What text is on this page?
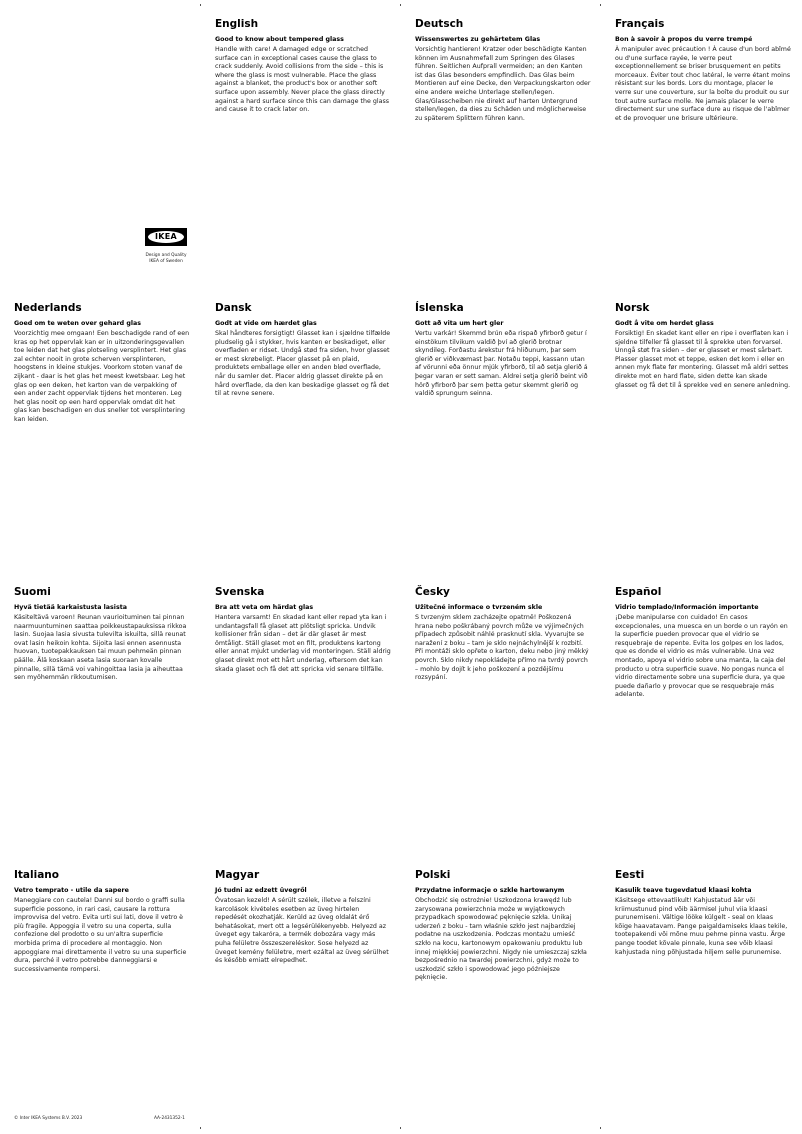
English

Good to know about tempered glass

Handle with care! A damaged edge or scratched surface can in exceptional cases cause the glass to crack suddenly. Avoid collisions from the side – this is where the glass is most vulnerable. Place the glass against a blanket, the product's box or another soft surface upon assembly. Never place the glass directly against a hard surface since this can damage the glass and cause it to crack later on.

Deutsch

Wissenswertes zu gehärtetem Glas

Vorsichtig hantieren! Kratzer oder beschädigte Kanten können im Ausnahmefall zum Springen des Glases führen. Seitlichen Aufprall vermeiden; an den Kanten ist das Glas besonders empfindlich. Das Glas beim Montieren auf eine Decke, den Verpackungskarton oder eine andere weiche Unterlage stellen/legen. Glas/Glasscheiben nie direkt auf harten Untergrund stellen/legen, da dies zu Schäden und möglicherweise zu späterem Splittern führen kann.

Français

Bon à savoir à propos du verre trempé

À manipuler avec précaution ! À cause d'un bord abîmé ou d'une surface rayée, le verre peut exceptionnellement se briser brusquement en petits morceaux. Éviter tout choc latéral, le verre étant moins résistant sur les bords. Lors du montage, placer le verre sur une couverture, sur la boîte du produit ou sur tout autre surface molle. Ne jamais placer le verre directement sur une surface dure au risque de l'abîmer et de provoquer une brisure ultérieure.

IKEA
Design and Quality
IKEA of Sweden
Nederlands

Goed om te weten over gehard glas

Voorzichtig mee omgaan! Een beschadigde rand of een kras op het oppervlak kan er in uitzonderingsgevallen toe leiden dat het glas plotseling versplintert. Het glas zal echter nooit in grote scherven versplinteren, hoogstens in kleine stukjes. Voorkom stoten vanaf de zijkant - daar is het glas het meest kwetsbaar. Leg het glas op een deken, het karton van de verpakking of een ander zacht oppervlak tijdens het monteren. Leg het glas nooit op een hard oppervlak omdat dit het glas kan beschadigen en dus sneller tot versplintering kan leiden.

Dansk

Godt at vide om hærdet glas

Skal håndteres forsigtigt! Glasset kan i sjældne tilfælde pludselig gå i stykker, hvis kanten er beskadiget, eller overfladen er ridset. Undgå stød fra siden, hvor glasset er mest skrøbeligt. Placer glasset på en plaid, produktets emballage eller en anden blød overflade, når du samler det. Placer aldrig glasset direkte på en hård overflade, da den kan beskadige glasset og få det til at revne senere.

Íslenska

Gott að vita um hert gler

Vertu varkár! Skemmd brún eða rispað yfirborð getur í einstökum tilvikum valdið því að glerið brotnar skyndileg. Forðastu árekstur frá hliðunum, þar sem glerið er viðkvæmast þar. Notaðu teppi, kassann utan af vörunni eða önnur mjúk yfirborð, til að setja glerið á þegar varan er sett saman. Aldrei setja glerið beint við hörð yfirborð þar sem þetta getur skemmt glerið og valdið sprungum seinna.

Norsk

Godt å vite om herdet glass

Forsiktig! En skadet kant eller en ripe i overflaten kan i sjeldne tilfeller få glasset til å sprekke uten forvarsel. Unngå støt fra siden – der er glasset er mest sårbart. Plasser glasset mot et teppe, esken det kom i eller en annen myk flate før montering. Glasset må aldri settes direkte mot en hard flate, siden dette kan skade glasset og få det til å sprekke ved en senere anledning.

Suomi

Hyvä tietää karkaistusta lasista

Käsiteltävä varoen! Reunan vaurioituminen tai pinnan naarmuuntuminen saattaa poikkeustapauksissa rikkoa lasin. Suojaa lasia sivusta tulevilta iskuilta, sillä reunat ovat lasin heikoin kohta. Sijoita lasi ennen asennusta huovan, tuotepakkauksen tai muun pehmeän pinnan päälle. Älä koskaan aseta lasia suoraan kovalle pinnalle, sillä tämä voi vahingoittaa lasia ja aiheuttaa sen myöhemmän rikkoutumisen.

Svenska

Bra att veta om härdat glas

Hantera varsamt! En skadad kant eller repad yta kan i undantagsfall få glaset att plötsligt spricka. Undvik kollisioner från sidan – det är där glaset är mest ömtåligt. Ställ glaset mot en filt, produktens kartong eller annat mjukt underlag vid monteringen. Ställ aldrig glaset direkt mot ett hårt underlag, eftersom det kan skada glaset och få det att spricka vid senare tillfälle.

Česky

Užitečné informace o tvrzeném skle

S tvrzeným sklem zacházejte opatrně! Poškozená hrana nebo poškrábaný povrch může ve výjimečných případech způsobit náhlé prasknutí skla. Vyvarujte se naražení z boku – tam je sklo nejnáchylnější k rozbití. Při montáži sklo opřete o karton, deku nebo jiný měkký povrch. Sklo nikdy nepokládejte přímo na tvrdý povrch – mohlo by dojít k jeho poškození a pozdějšímu rozsypání.

Español

Vidrio templado/Información importante

¡Debe manipularse con cuidado! En casos excepcionales, una muesca en un borde o un rayón en la superficie pueden provocar que el vidrio se resquebraje de repente. Evita los golpes en los lados, que es donde el vidrio es más vulnerable. Una vez montado, apoya el vidrio sobre una manta, la caja del producto u otra superficie suave. No pongas nunca el vidrio directamente sobre una superficie dura, ya que puede dañarlo y provocar que se resquebraje más adelante.

Italiano

Vetro temprato - utile da sapere

Maneggiare con cautela! Danni sul bordo o graffi sulla superficie possono, in rari casi, causare la rottura improvvisa del vetro. Evita urti sui lati, dove il vetro è più fragile. Appoggia il vetro su una coperta, sulla confezione del prodotto o su un'altra superficie morbida prima di procedere al montaggio. Non appoggiare mai direttamente il vetro su una superficie dura, perché il vetro potrebbe danneggiarsi e successivamente rompersi.

Magyar

Jó tudni az edzett üvegről

Óvatosan kezeld! A sérült szélek, illetve a felszíni karcolások kivételes esetben az üveg hirtelen repedését okozhatják. Kerüld az üveg oldalát érő behatásokat, mert ott a legsérülékenyebb. Helyezd az üveget egy takaróra, a termék dobozára vagy más puha felületre összeszereléskor. Sose helyezd az üveget kemény felületre, mert ezáltal az üveg sérülhet és később emiatt elrepedhet.

Polski

Przydatne informacje o szkle hartowanym

Obchodzić się ostrożnie! Uszkodzona krawędź lub zarysowana powierzchnia może w wyjątkowych przypadkach spowodować pęknięcie szkła. Unikaj uderzeń z boku - tam właśnie szkło jest najbardziej podatne na uszkodzenia. Podczas montażu umieść szkło na kocu, kartonowym opakowaniu produktu lub innej miękkiej powierzchni. Nigdy nie umieszczaj szkła bezpośrednio na twardej powierzchni, gdyż może to uszkodzić szkło i spowodować jego późniejsze pęknięcie.

Eesti

Kasulik teave tugevdatud klaasi kohta

Käsitsege ettevaatlikult! Kahjustatud äär või kriimustunud pind võib äärmisel juhul viia klaasi purunemiseni. Vältige lööke külgelt - seal on klaas kõige haavatavam. Pange paigaldamiseks klaas tekile, tootepakendi või mõne muu pehme pinna vastu. Ärge pange toodet kõvale pinnale, kuna see võib klaasi kahjustada ning põhjustada hiljem selle purunemise.

© Inter IKEA Systems B.V. 2023	AA-2431352-1
